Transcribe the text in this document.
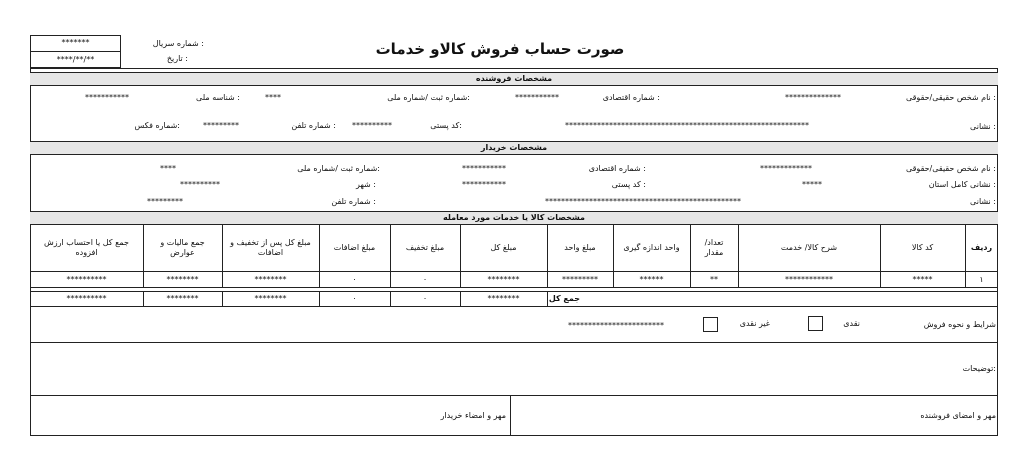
*******
****/**/**
شماره سریال :
تاریخ :
صورت حساب فروش کالاو خدمات
مشخصات فروشنده
نام شخص حقیقی/حقوقی :
**************
شماره اقتصادی :
***********
شماره ثبت /شماره ملی:
****
شناسه ملی :
***********
نشانی :
*************************************************************
کد پستی:
**********
شماره تلفن :
*********
شماره فکس:
مشخصات خریدار
نام شخص حقیقی/حقوقی :
*************
شماره اقتصادی :
***********
شماره ثبت /شماره ملی:
****
نشانی کامل استان :
*****
کد پستی :
***********
شهر :
**********
نشانی :
*************************************************
شماره تلفن :
*********
مشخصات کالا یا خدمات مورد معامله
ردیف
کد کالا
شرح کالا/ خدمت
تعداد/ مقدار
واحد اندازه گیری
مبلغ واحد
مبلغ کل
مبلغ تخفیف
مبلغ اضافات
مبلغ کل پس از تخفیف و اضافات
جمع مالیات و عوارض
جمع کل یا احتساب ارزش افزوده
۱
*****
************
**
******
*********
********
۰
۰
********
********
**********
جمع کل
********
۰
۰
********
********
**********
شرایط و نحوه فروش
نقدی
غیر نقدی
************************
توضیحات:
مهر و امضای فروشنده
مهر و امضاء خریدار
